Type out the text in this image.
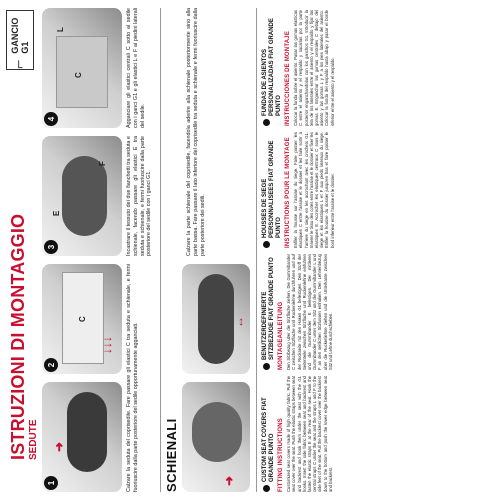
ISTRUZIONI DI MONTAGGIO SEDUTE
⌐
GANCIO G1
➜
1
C
↓↓↓
2
E
F
3
L
C
4
Calzare la seduta del coprisedile. Fare passare gli elastici C tra seduta e schienale, e fermi fuoriuscire dalla parte posteriore del sedile opportunamente agganciati.
Incastrare il tessuto dei due fianchetti tra seduta e schienale, facendo passare gli elastici E tra seduta e schienale, e fermi fuoriuscire dalla parte posteriore del sedile con i ganci G1.
Agganciare gli elastici centrali C sotto al sedile con i ganci G1 e gli elastici L e F ai piedini laterali del sedile.
SCHIENALI	➜
↔
Calzare la parte schienale del coprisedile, facendola aderire alla schienale posteriormente sino alla parte bassa. Fare passare il lato inferiore del coprisedile tra seduta e schienale e fermi fuoriuscire dalla parte posteriore dei sedili.
CUSTOM SEAT COVERS FIAT GRANDE PUNTO FITTING INSTRUCTIONS Customized seat covers made of high quality fabric. Pull the seat cover over the seat. Push the elastic straps between seat and backrest and hook them under the seat with the G1 hooks. Insert the side fabric between seat and backrest and fasten the elastic straps E at the rear of the seat. Hook the central straps C under the seat and the straps L and F to the side feet of the seat. Pull the backrest cover over the backrest down to the bottom and push the lower edge between seat and backrest.

BENUTZERDEFINIERTE SITZBEZUGE FIAT GRANDE PUNTO MONTAGEANLEITUNG Den Sitzbezug uber die Sitzflache ziehen. Die Gummibander C zwischen Sitzflache und Ruckenlehne durchfuhren und auf der Ruckseite mit den Haken G1 befestigen. Den Stoff der Seitenteile zwischen Sitzflache und Ruckenlehne einfuhren und die Gummibander E befestigen. Die mittleren Gummibander C unter dem Sitz und die Gummibander L und F an den seitlichen Sitzfussen einhaken. Den Lehnenbezug uber die Ruckenlehne ziehen und die Unterkante zwischen Sitz und Lehne durchschieben.

HOUSSES DE SIEGE PERSONNALISEES FIAT GRANDE PUNTO INSTRUCTIONS POUR LE MONTAGE Enfiler la housse sur l'assise du siege. Faire passer les elastiques C entre l'assise et le dossier et les faire sortir a l'arriere du siege en les accrochant avec les crochets G1. Inserer le tissu des cotes entre l'assise et le dossier et fixer les elastiques E. Accrocher les elastiques centraux C sous le siege et les elastiques L et F aux pieds lateraux du siege. Enfiler la housse du dossier jusqu'en bas et faire passer le bord inferieur entre l'assise et le dossier.

FUNDAS DE ASIENTOS PERSONALIZADAS FIAT GRANDE PUNTO INSTRUCCIONES DE MONTAJE Colocar la funda sobre el asiento. Pasar las gomas elasticas C entre el asiento y el respaldo y sacarlas por la parte posterior enganchandolas con los ganchos G1. Introducir la tela de los laterales entre el asiento y el respaldo y fijar las gomas E. Enganchar las gomas centrales C debajo del asiento y las gomas L y F a los pies laterales del asiento. Colocar la funda del respaldo hasta abajo y pasar el borde inferior entre el asiento y el respaldo.
